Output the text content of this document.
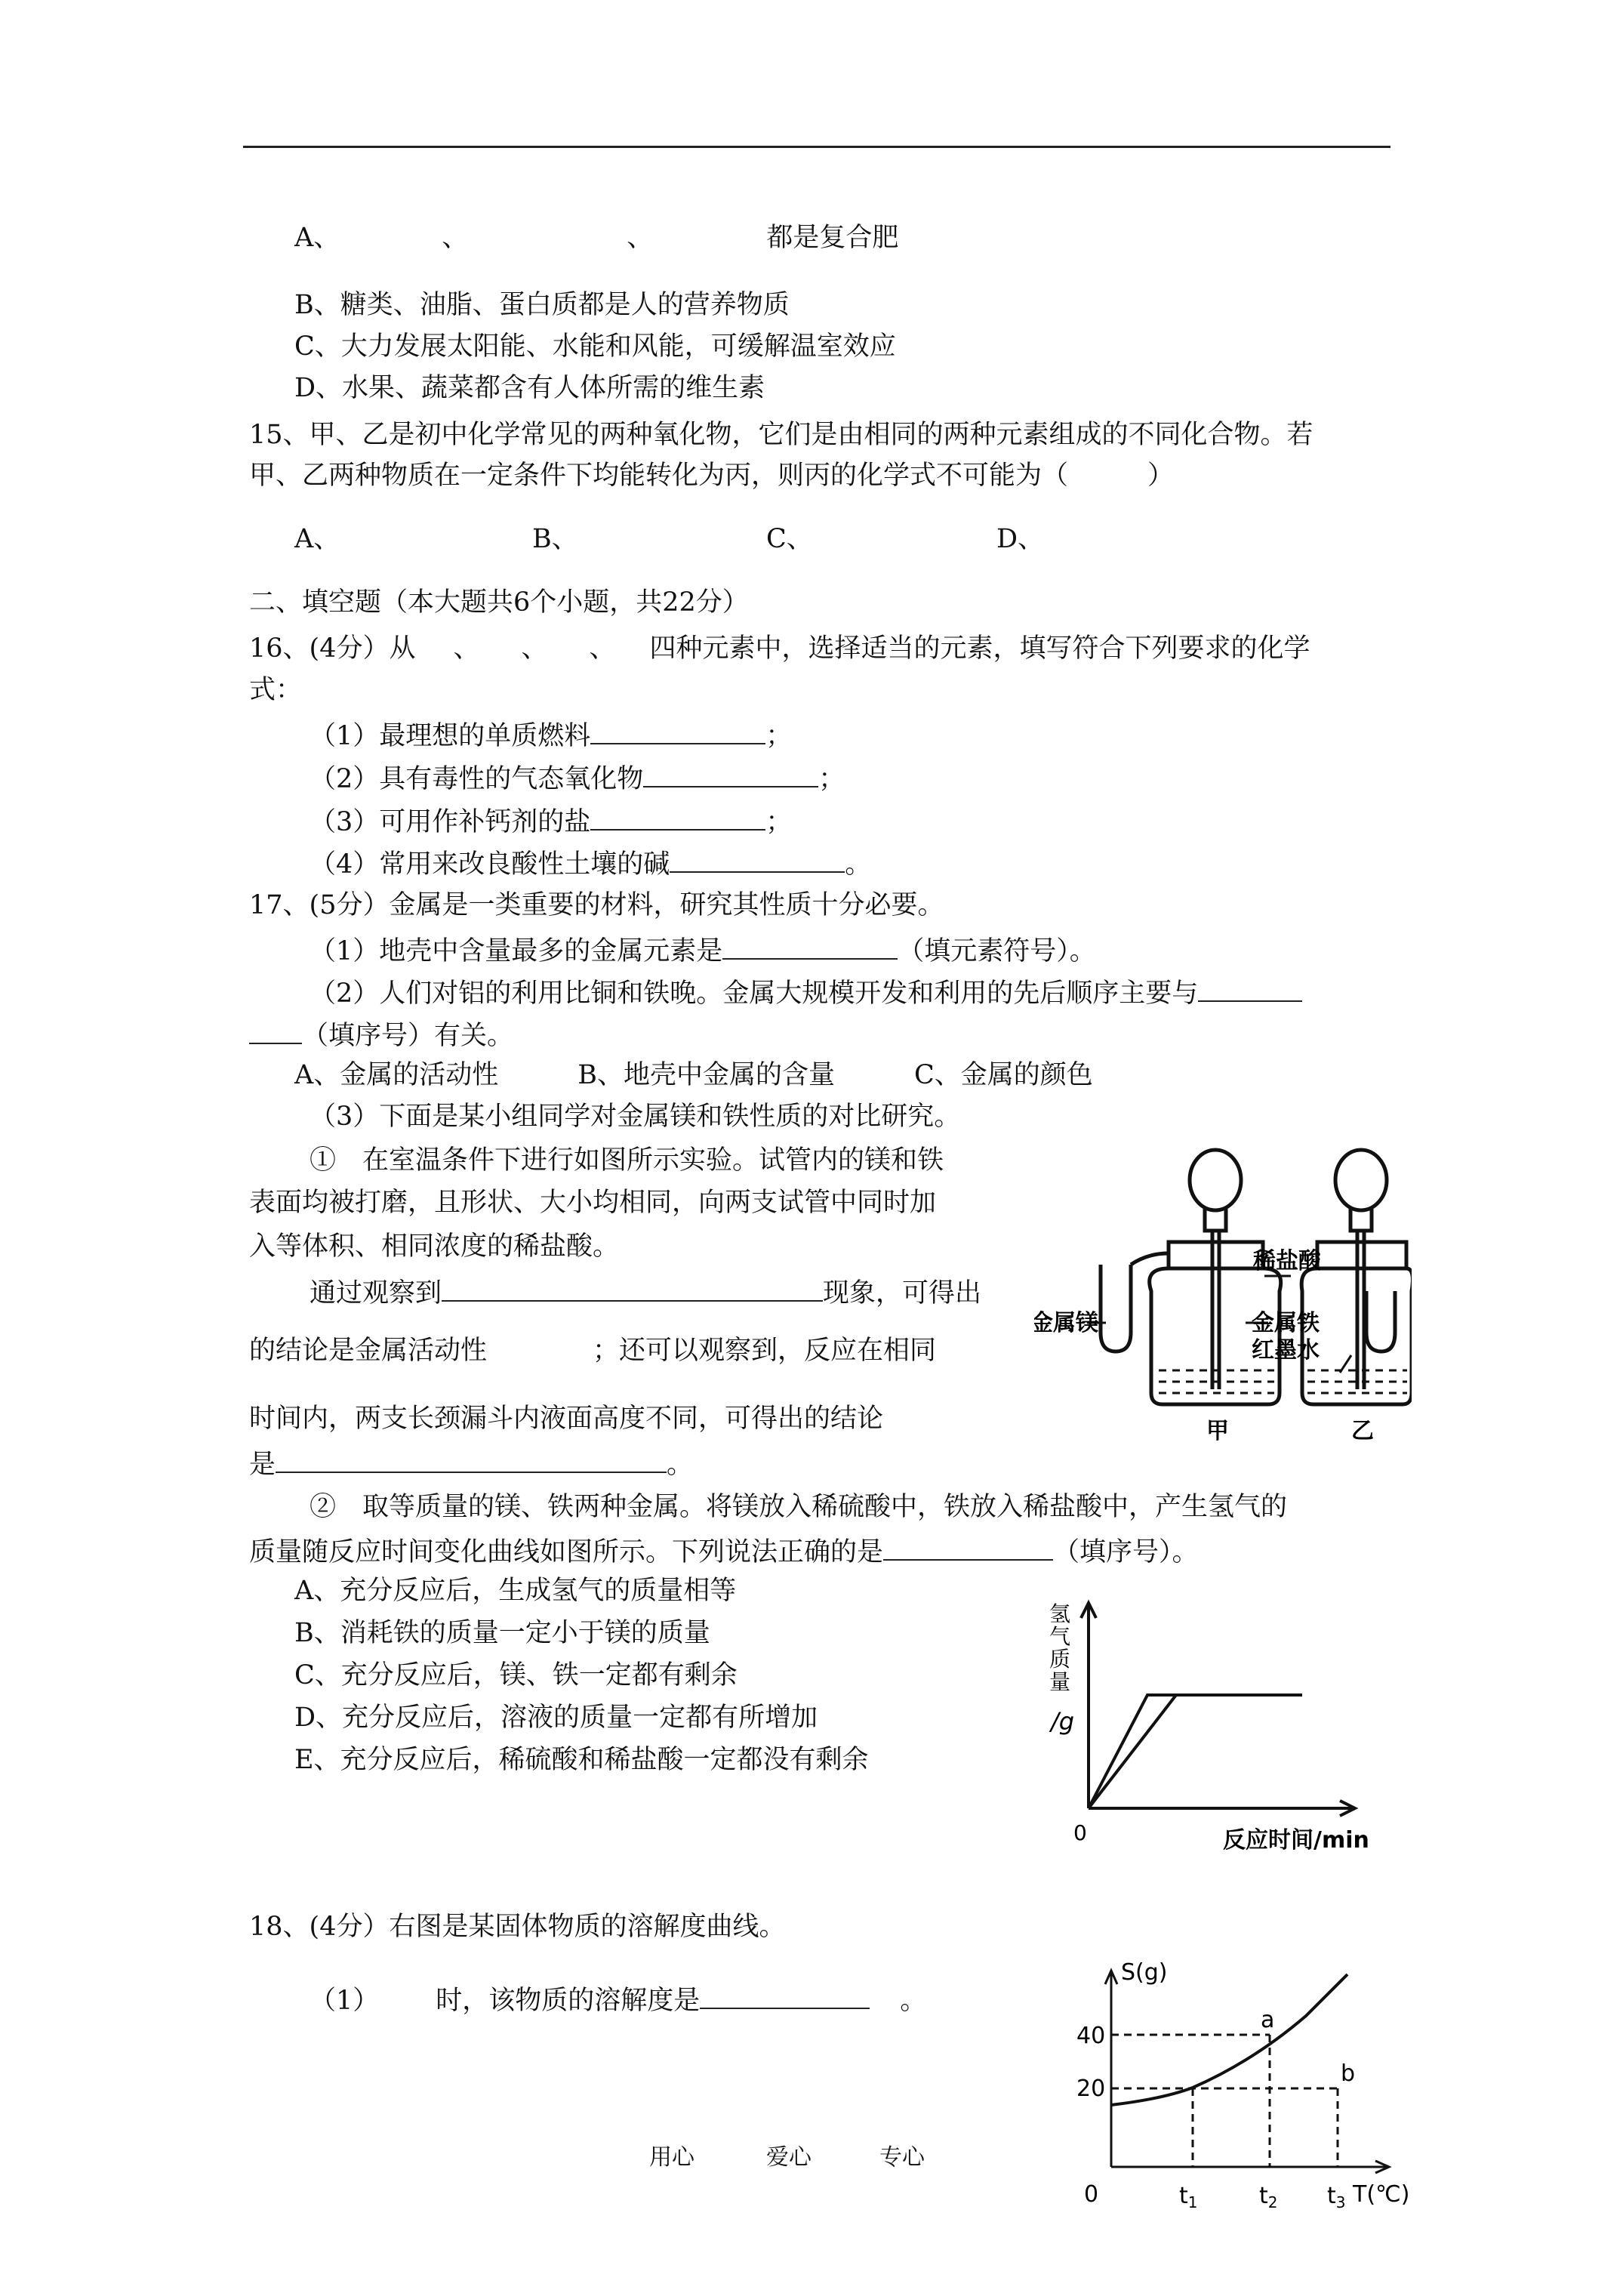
A、	、	、	都是复合肥
B、糖类、油脂、蛋白质都是人的营养物质
C、大力发展太阳能、水能和风能，可缓解温室效应
D、水果、蔬菜都含有人体所需的维生素
15、甲、乙是初中化学常见的两种氧化物，它们是由相同的两种元素组成的不同化合物。若
甲、乙两种物质在一定条件下均能转化为丙，则丙的化学式不可能为（　　　）
A、	B、	C、	D、
二、填空题（本大题共6个小题，共22分）
16、(4分）从 、 、 、 四种元素中，选择适当的元素，填写符合下列要求的化学
式：
（1）最理想的单质燃料	；
（2）具有毒性的气态氧化物	；
（3）可用作补钙剂的盐	；
（4）常用来改良酸性土壤的碱	。
17、(5分）金属是一类重要的材料，研究其性质十分必要。
（1）地壳中含量最多的金属元素是	（填元素符号）。
（2）人们对铝的利用比铜和铁晚。金属大规模开发和利用的先后顺序主要与
（填序号）有关。
A、金属的活动性　　　B、地壳中金属的含量　　　C、金属的颜色
（3）下面是某小组同学对金属镁和铁性质的对比研究。
①　在室温条件下进行如图所示实验。试管内的镁和铁
表面均被打磨，且形状、大小均相同，向两支试管中同时加
入等体积、相同浓度的稀盐酸。
通过观察到	现象，可得出
的结论是金属活动性	；还可以观察到，反应在相同
时间内，两支长颈漏斗内液面高度不同，可得出的结论
是	。
②　取等质量的镁、铁两种金属。将镁放入稀硫酸中，铁放入稀盐酸中，产生氢气的
质量随反应时间变化曲线如图所示。下列说法正确的是	（填序号）。
A、充分反应后，生成氢气的质量相等
B、消耗铁的质量一定小于镁的质量
C、充分反应后，镁、铁一定都有剩余
D、充分反应后，溶液的质量一定都有所增加
E、充分反应后，稀硫酸和稀盐酸一定都没有剩余
18、(4分）右图是某固体物质的溶解度曲线。
（1） 时，该物质的溶解度是	。
稀盐酸
金属镁	金属铁
红墨水
甲	乙
氢
气
质
量
/g
0	反应时间/min
S(g)
40
20
0
a
b
$t_1$	$t_2$ $t_3$ T(℃)
用心	爱心	专心
